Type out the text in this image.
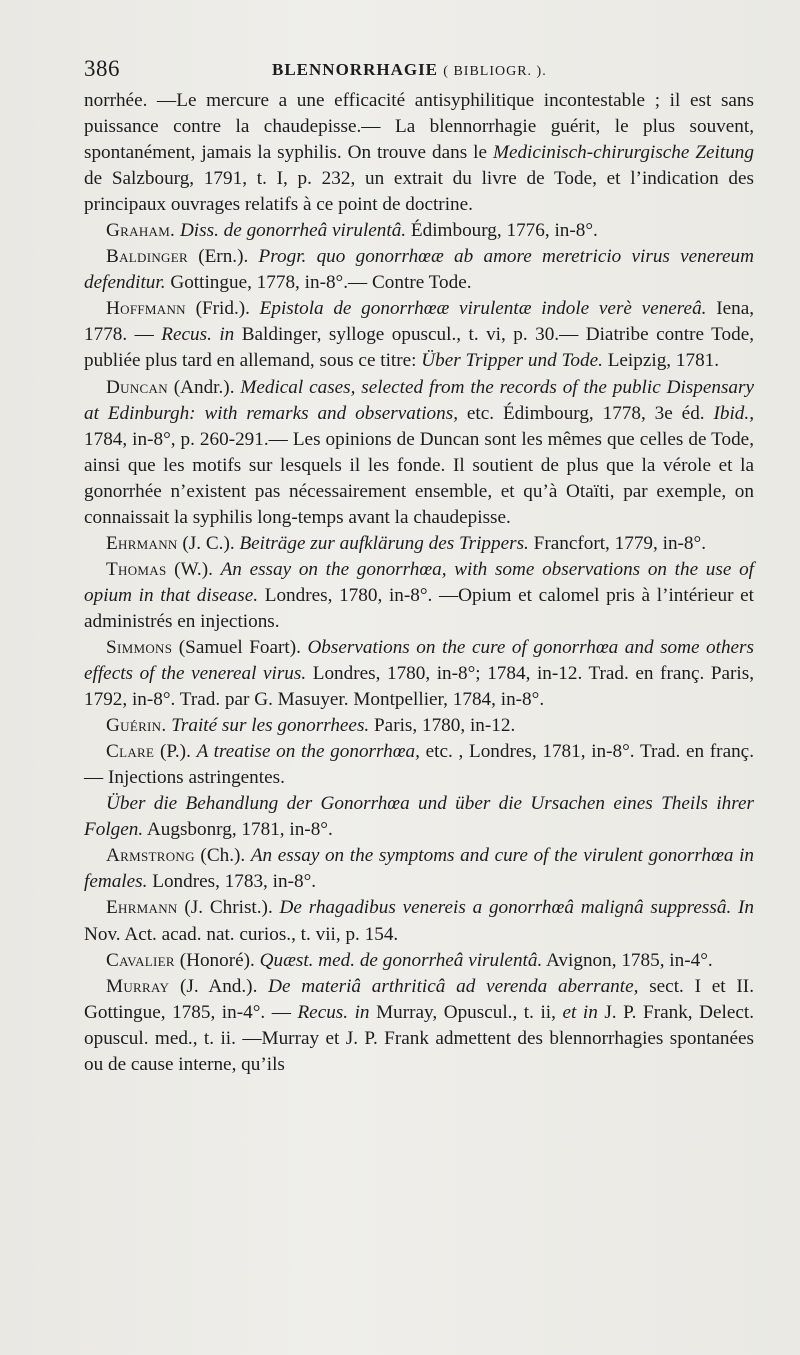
386	BLENNORRHAGIE ( BIBLIOGR. ).

norrhée. —Le mercure a une efficacité antisyphilitique incontestable ; il est sans puissance contre la chaudepisse.— La blennorrhagie guérit, le plus souvent, spontanément, jamais la syphilis. On trouve dans le Medicinisch-chirurgische Zeitung de Salzbourg, 1791, t. I, p. 232, un extrait du livre de Tode, et l’indication des principaux ouvrages relatifs à ce point de doctrine.

Graham. Diss. de gonorrheâ virulentâ. Édimbourg, 1776, in-8°.

Baldinger (Ern.). Progr. quo gonorrhœæ ab amore meretricio virus venereum defenditur. Gottingue, 1778, in-8°.— Contre Tode.

Hoffmann (Frid.). Epistola de gonorrhœæ virulentæ indole verè venereâ. Iena, 1778. — Recus. in Baldinger, sylloge opuscul., t. vi, p. 30.— Diatribe contre Tode, publiée plus tard en allemand, sous ce titre: Über Tripper und Tode. Leipzig, 1781.

Duncan (Andr.). Medical cases, selected from the records of the public Dispensary at Edinburgh: with remarks and observations, etc. Édimbourg, 1778, 3e éd. Ibid., 1784, in-8°, p. 260-291.— Les opinions de Duncan sont les mêmes que celles de Tode, ainsi que les motifs sur lesquels il les fonde. Il soutient de plus que la vérole et la gonorrhée n’existent pas nécessairement ensemble, et qu’à Otaïti, par exemple, on connaissait la syphilis long-temps avant la chaudepisse.

Ehrmann (J. C.). Beiträge zur aufklärung des Trippers. Francfort, 1779, in-8°.

Thomas (W.). An essay on the gonorrhœa, with some observations on the use of opium in that disease. Londres, 1780, in-8°. —Opium et calomel pris à l’intérieur et administrés en injections.

Simmons (Samuel Foart). Observations on the cure of gonorrhœa and some others effects of the venereal virus. Londres, 1780, in-8°; 1784, in-12. Trad. en franç. Paris, 1792, in-8°. Trad. par G. Masuyer. Montpellier, 1784, in-8°.

Guérin. Traité sur les gonorrhees. Paris, 1780, in-12.

Clare (P.). A treatise on the gonorrhœa, etc. , Londres, 1781, in-8°. Trad. en franç. — Injections astringentes.

Über die Behandlung der Gonorrhœa und über die Ursachen eines Theils ihrer Folgen. Augsbonrg, 1781, in-8°.

Armstrong (Ch.). An essay on the symptoms and cure of the virulent gonorrhœa in females. Londres, 1783, in-8°.

Ehrmann (J. Christ.). De rhagadibus venereis a gonorrhœâ malignâ suppressâ. In Nov. Act. acad. nat. curios., t. vii, p. 154.

Cavalier (Honoré). Quæst. med. de gonorrheâ virulentâ. Avignon, 1785, in-4°.

Murray (J. And.). De materiâ arthriticâ ad verenda aberrante, sect. I et II. Gottingue, 1785, in-4°. — Recus. in Murray, Opuscul., t. ii, et in J. P. Frank, Delect. opuscul. med., t. ii. —Murray et J. P. Frank admettent des blennorrhagies spontanées ou de cause interne, qu’ils
